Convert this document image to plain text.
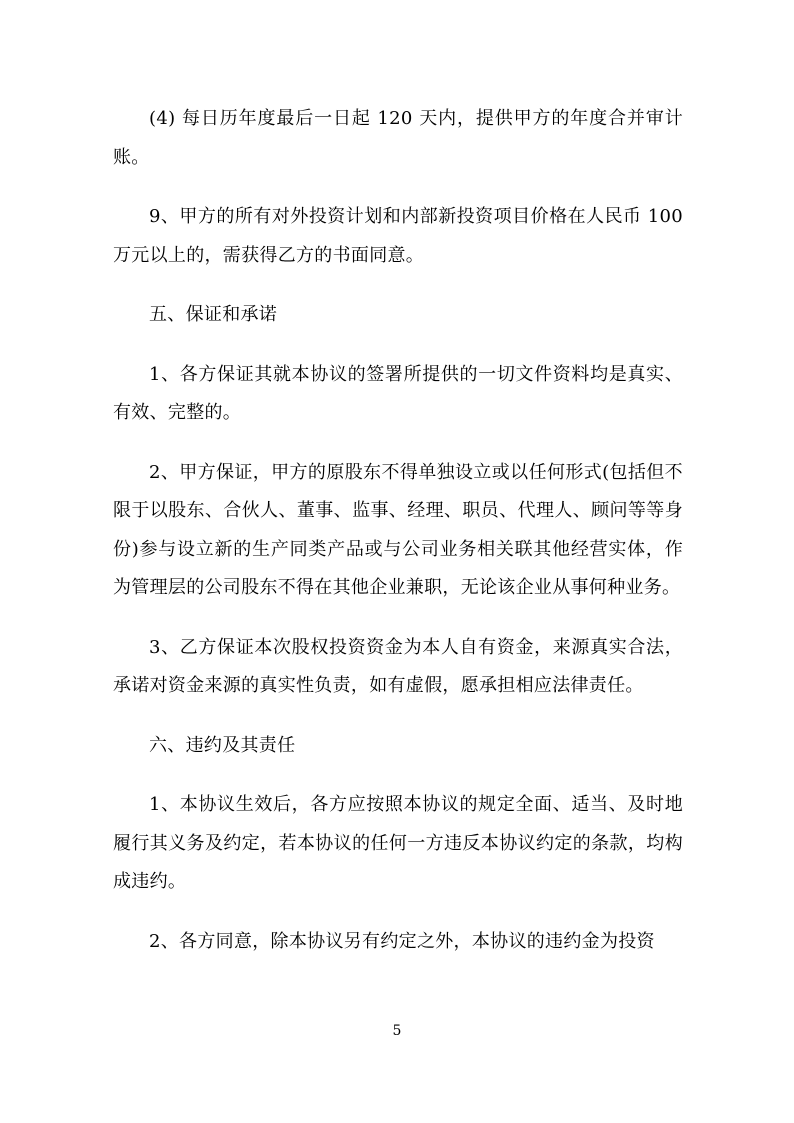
(4) 每日历年度最后一日起 120 天内，提供甲方的年度合并审计账。

9、甲方的所有对外投资计划和内部新投资项目价格在人民币 100 万元以上的，需获得乙方的书面同意。

五、保证和承诺

1、各方保证其就本协议的签署所提供的一切文件资料均是真实、有效、完整的。

2、甲方保证，甲方的原股东不得单独设立或以任何形式(包括但不限于以股东、合伙人、董事、监事、经理、职员、代理人、顾问等等身份)参与设立新的生产同类产品或与公司业务相关联其他经营实体，作为管理层的公司股东不得在其他企业兼职，无论该企业从事何种业务。

3、乙方保证本次股权投资资金为本人自有资金，来源真实合法，承诺对资金来源的真实性负责，如有虚假，愿承担相应法律责任。

六、违约及其责任

1、本协议生效后，各方应按照本协议的规定全面、适当、及时地履行其义务及约定，若本协议的任何一方违反本协议约定的条款，均构成违约。

2、各方同意，除本协议另有约定之外，本协议的违约金为投资

5
